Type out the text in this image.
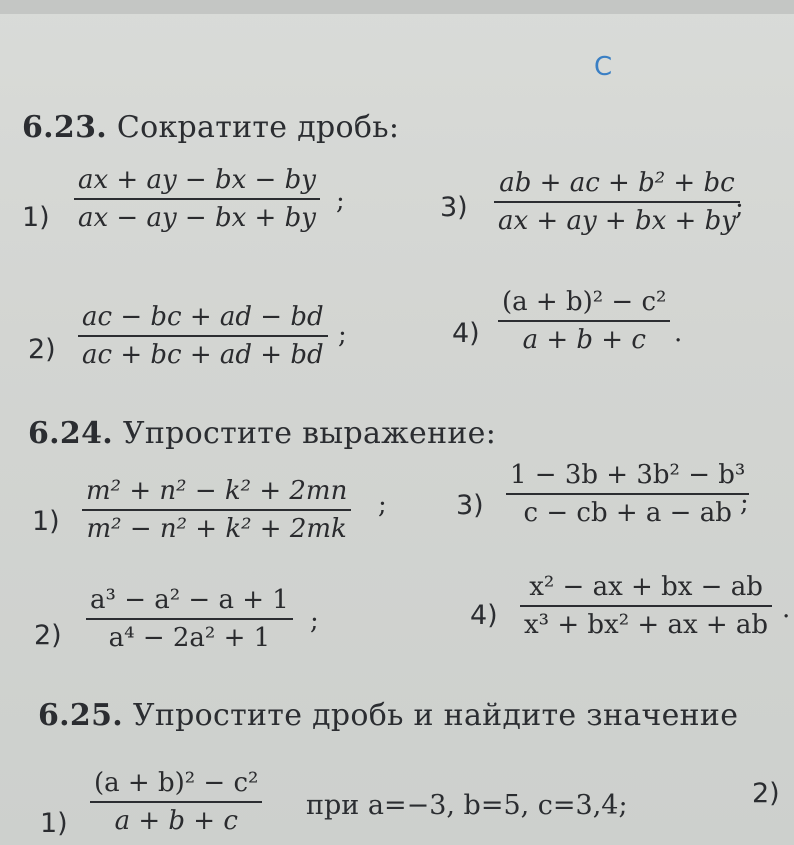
C
6.23. Сократите дробь:
1)
ax + ay − bx − by
ax − ay − bx + by
;	3)
ab + ac + b² + bc
ax + ay + bx + by ;
2)
ac − bc + ad − bd
ac + bc + ad + bd
;	4)
(a + b)² − c²
a + b + c .
6.24. Упростите выражение:
1)
m² + n² − k² + 2mn
m² − n² + k² + 2mk
;	3)
1 − 3b + 3b² − b³
c − cb + a − ab ;
2)
a³ − a² − a + 1
a⁴ − 2a² + 1
;	4)
x² − ax + bx − ab
x³ + bx² + ax + ab
.
6.25. Упростите дробь и найдите значение
1)
(a + b)² − c²
a + b + c	при a=−3, b=5, c=3,4;	2)
